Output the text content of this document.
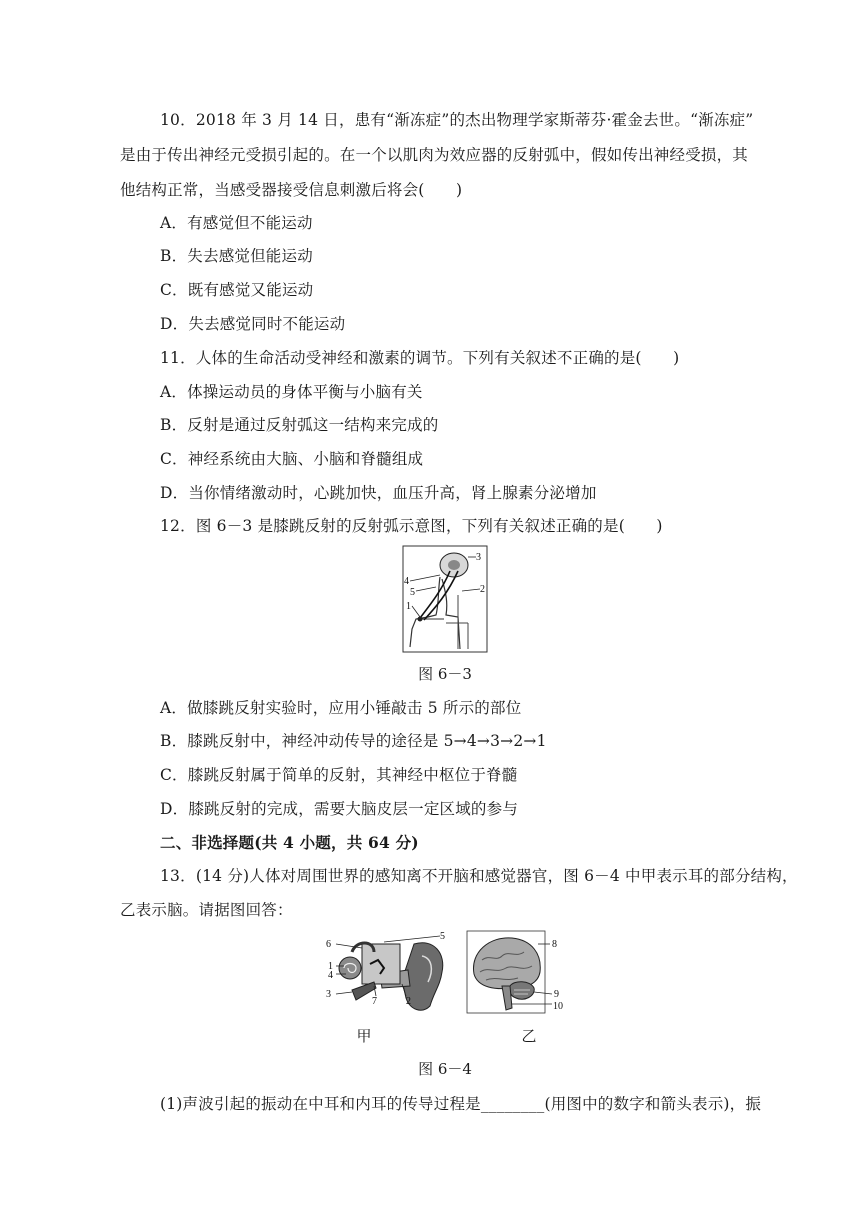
10．2018 年 3 月 14 日，患有“渐冻症”的杰出物理学家斯蒂芬·霍金去世。“渐冻症”
是由于传出神经元受损引起的。在一个以肌肉为效应器的反射弧中，假如传出神经受损，其
他结构正常，当感受器接受信息刺激后将会(　　)
A．有感觉但不能运动
B．失去感觉但能运动
C．既有感觉又能运动
D．失去感觉同时不能运动
11．人体的生命活动受神经和激素的调节。下列有关叙述不正确的是(　　)
A．体操运动员的身体平衡与小脑有关
B．反射是通过反射弧这一结构来完成的
C．神经系统由大脑、小脑和脊髓组成
D．当你情绪激动时，心跳加快，血压升高，肾上腺素分泌增加
12．图 6－3 是膝跳反射的反射弧示意图，下列有关叙述正确的是(　　)
3
2
4
5
1
图 6－3
A．做膝跳反射实验时，应用小锤敲击 5 所示的部位
B．膝跳反射中，神经冲动传导的途径是 5→4→3→2→1
C．膝跳反射属于简单的反射，其神经中枢位于脊髓
D．膝跳反射的完成，需要大脑皮层一定区域的参与
二、非选择题(共 4 小题，共 64 分)
13．(14 分)人体对周围世界的感知离不开脑和感觉器官，图 6－4 中甲表示耳的部分结构，
乙表示脑。请据图回答：
6
5
1
4
2
3
7
8
9
10
甲	乙
图 6－4
(1)声波引起的振动在中耳和内耳的传导过程是________(用图中的数字和箭头表示)，振
